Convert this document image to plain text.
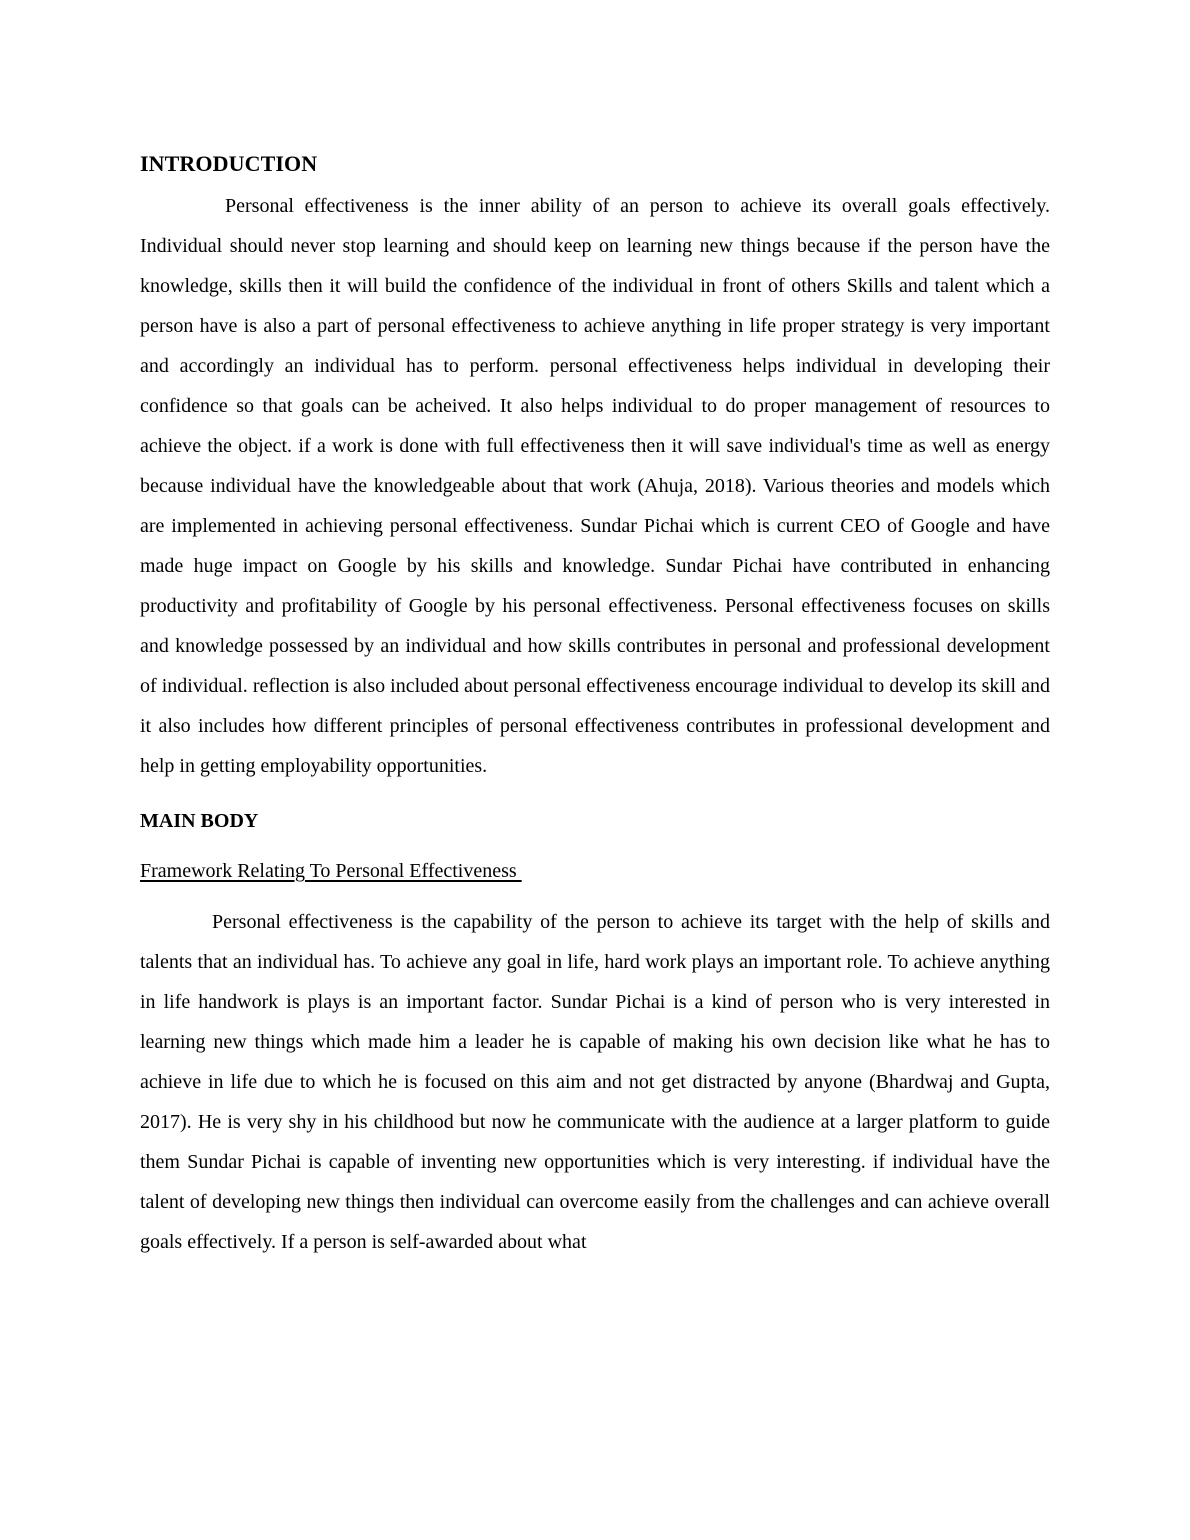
INTRODUCTION

Personal effectiveness is the inner ability of an person to achieve its overall goals effectively. Individual should never stop learning and should keep on learning new things because if the person have the knowledge, skills then it will build the confidence of the individual in front of others Skills and talent which a person have is also a part of personal effectiveness to achieve anything in life proper strategy is very important and accordingly an individual has to perform. personal effectiveness helps individual in developing their confidence so that goals can be acheived. It also helps individual to do proper management of resources to achieve the object. if a work is done with full effectiveness then it will save individual's time as well as energy because individual have the knowledgeable about that work (Ahuja, 2018). Various theories and models which are implemented in achieving personal effectiveness. Sundar Pichai which is current CEO of Google and have made huge impact on Google by his skills and knowledge. Sundar Pichai have contributed in enhancing productivity and profitability of Google by his personal effectiveness. Personal effectiveness focuses on skills and knowledge possessed by an individual and how skills contributes in personal and professional development of individual. reflection is also included about personal effectiveness encourage individual to develop its skill and it also includes how different principles of personal effectiveness contributes in professional development and help in getting employability opportunities.

MAIN BODY
Framework Relating To Personal Effectiveness

Personal effectiveness is the capability of the person to achieve its target with the help of skills and talents that an individual has. To achieve any goal in life, hard work plays an important role. To achieve anything in life handwork is plays is an important factor. Sundar Pichai is a kind of person who is very interested in learning new things which made him a leader he is capable of making his own decision like what he has to achieve in life due to which he is focused on this aim and not get distracted by anyone (Bhardwaj and Gupta, 2017). He is very shy in his childhood but now he communicate with the audience at a larger platform to guide them Sundar Pichai is capable of inventing new opportunities which is very interesting. if individual have the talent of developing new things then individual can overcome easily from the challenges and can achieve overall goals effectively. If a person is self-awarded about what
